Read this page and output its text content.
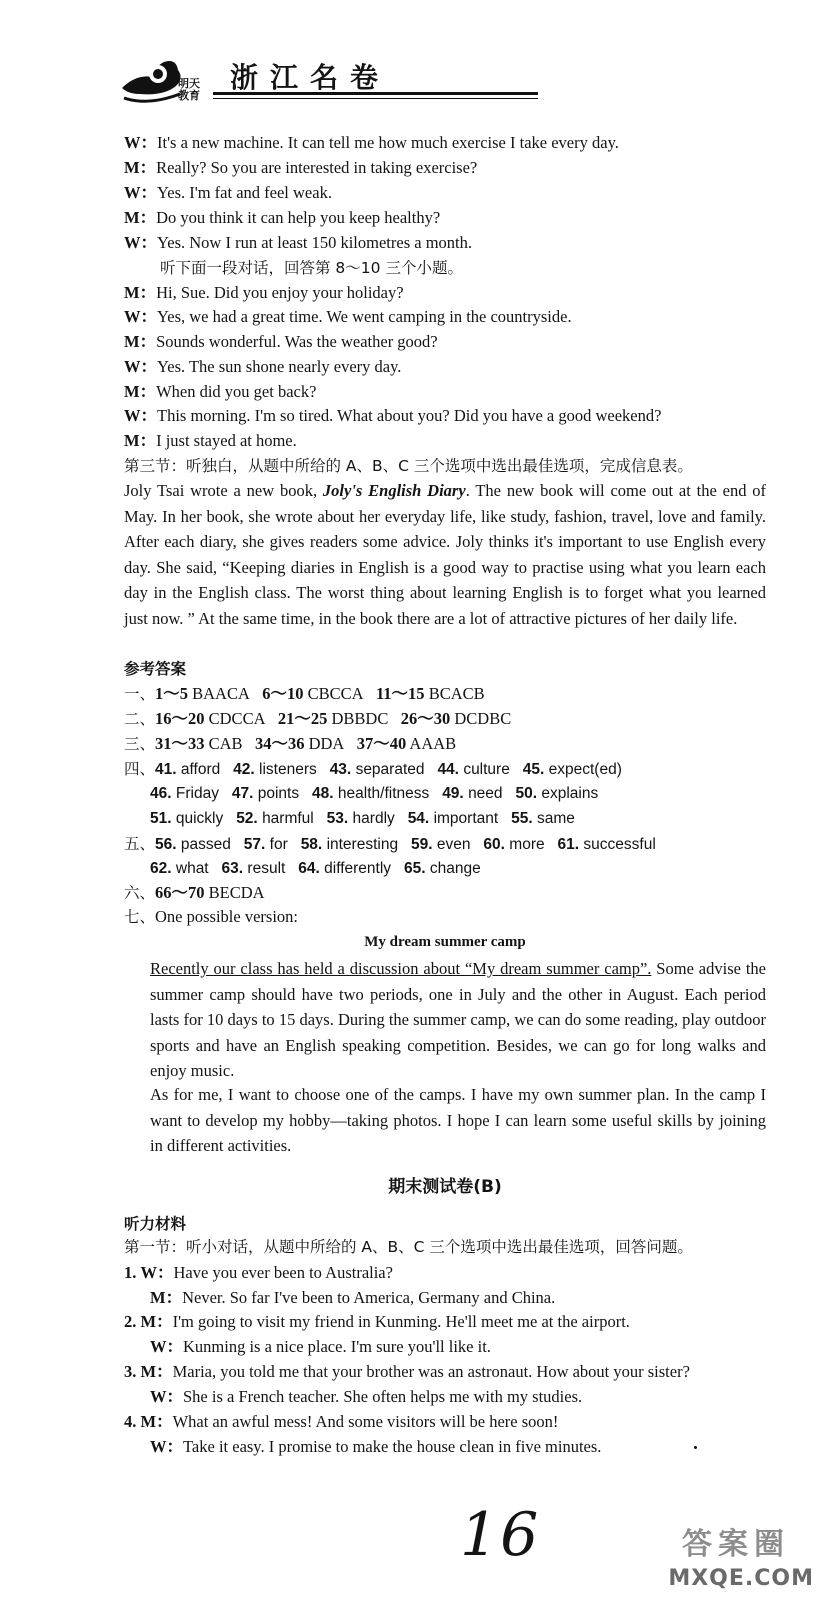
明天
教育
浙江名卷
W：It's a new machine. It can tell me how much exercise I take every day.
M：Really? So you are interested in taking exercise?
W：Yes. I'm fat and feel weak.
M：Do you think it can help you keep healthy?
W：Yes. Now I run at least 150 kilometres a month.
听下面一段对话，回答第 8～10 三个小题。
M：Hi, Sue. Did you enjoy your holiday?
W：Yes, we had a great time. We went camping in the countryside.
M：Sounds wonderful. Was the weather good?
W：Yes. The sun shone nearly every day.
M：When did you get back?
W：This morning. I'm so tired. What about you? Did you have a good weekend?
M：I just stayed at home.
第三节：听独白，从题中所给的 A、B、C 三个选项中选出最佳选项，完成信息表。
Joly Tsai wrote a new book, Joly's English Diary. The new book will come out at the end of May. In her book, she wrote about her everyday life, like study, fashion, travel, love and family. After each diary, she gives readers some advice. Joly thinks it's important to use English every day. She said, “Keeping diaries in English is a good way to practise using what you learn each day in the English class. The worst thing about learning English is to forget what you learned just now. ” At the same time, in the book there are a lot of attractive pictures of her daily life.
参考答案
一、1～5 BAACA 6～10 CBCCA 11～15 BCACB
二、16～20 CDCCA 21～25 DBBDC 26～30 DCDBC
三、31～33 CAB 34～36 DDA 37～40 AAAB
四、41. afford 42. listeners 43. separated 44. culture 45. expect(ed)
46. Friday 47. points 48. health/fitness 49. need 50. explains
51. quickly 52. harmful 53. hardly 54. important 55. same
五、56. passed 57. for 58. interesting 59. even 60. more 61. successful
62. what 63. result 64. differently 65. change
六、66～70 BECDA
七、One possible version:
My dream summer camp
Recently our class has held a discussion about “My dream summer camp”. Some advise the summer camp should have two periods, one in July and the other in August. Each period lasts for 10 days to 15 days. During the summer camp, we can do some reading, play outdoor sports and have an English speaking competition. Besides, we can go for long walks and enjoy music.
As for me, I want to choose one of the camps. I have my own summer plan. In the camp I want to develop my hobby—taking photos. I hope I can learn some useful skills by joining in different activities.
期末测试卷(B)
听力材料
第一节：听小对话，从题中所给的 A、B、C 三个选项中选出最佳选项，回答问题。
1. W：Have you ever been to Australia?
M：Never. So far I've been to America, Germany and China.
2. M：I'm going to visit my friend in Kunming. He'll meet me at the airport.
W：Kunming is a nice place. I'm sure you'll like it.
3. M：Maria, you told me that your brother was an astronaut. How about your sister?
W：She is a French teacher. She often helps me with my studies.
4. M：What an awful mess! And some visitors will be here soon!
W：Take it easy. I promise to make the house clean in five minutes.
16	答案圈
MXQE.COM
